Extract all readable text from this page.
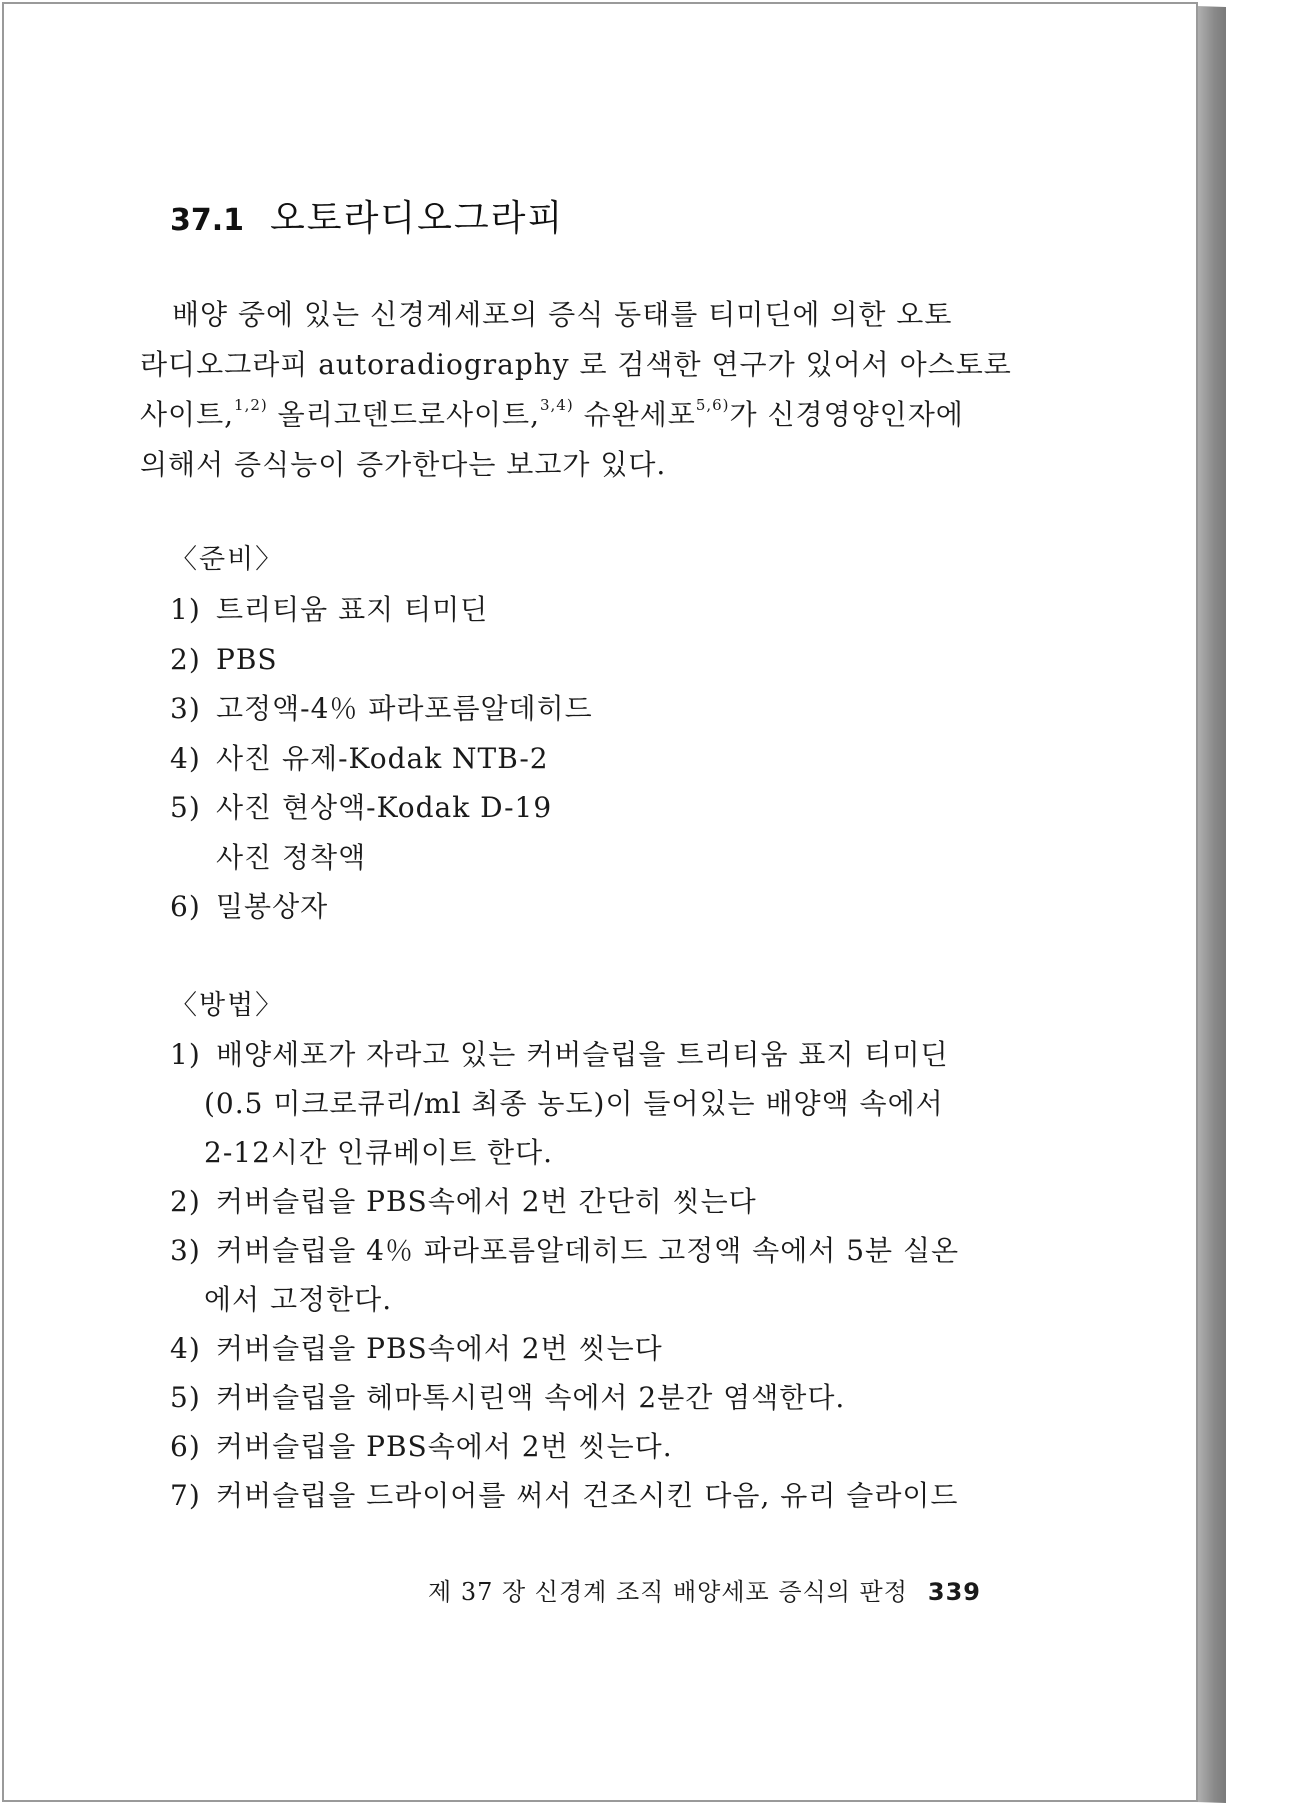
37.1 오토라디오그라피
배양 중에 있는 신경계세포의 증식 동태를 티미딘에 의한 오토
라디오그라피 autoradiography 로 검색한 연구가 있어서 아스토로
사이트,$^{1,2)}$ 올리고덴드로사이트,$^{3,4)}$ 슈완세포$^{5,6)}$가 신경영양인자에
의해서 증식능이 증가한다는 보고가 있다.
〈준비〉
1) 트리티움 표지 티미딘
2) PBS
3) 고정액-4％ 파라포름알데히드
4) 사진 유제-Kodak NTB-2
5) 사진 현상액-Kodak D-19
사진 정착액
6) 밀봉상자
〈방법〉
1) 배양세포가 자라고 있는 커버슬립을 트리티움 표지 티미딘
(0.5 미크로큐리/ml 최종 농도)이 들어있는 배양액 속에서
2-12시간 인큐베이트 한다.
2) 커버슬립을 PBS속에서 2번 간단히 씻는다
3) 커버슬립을 4％ 파라포름알데히드 고정액 속에서 5분 실온
에서 고정한다.
4) 커버슬립을 PBS속에서 2번 씻는다
5) 커버슬립을 헤마톡시린액 속에서 2분간 염색한다.
6) 커버슬립을 PBS속에서 2번 씻는다.
7) 커버슬립을 드라이어를 써서 건조시킨 다음, 유리 슬라이드
제 37 장 신경계 조직 배양세포 증식의 판정 339
